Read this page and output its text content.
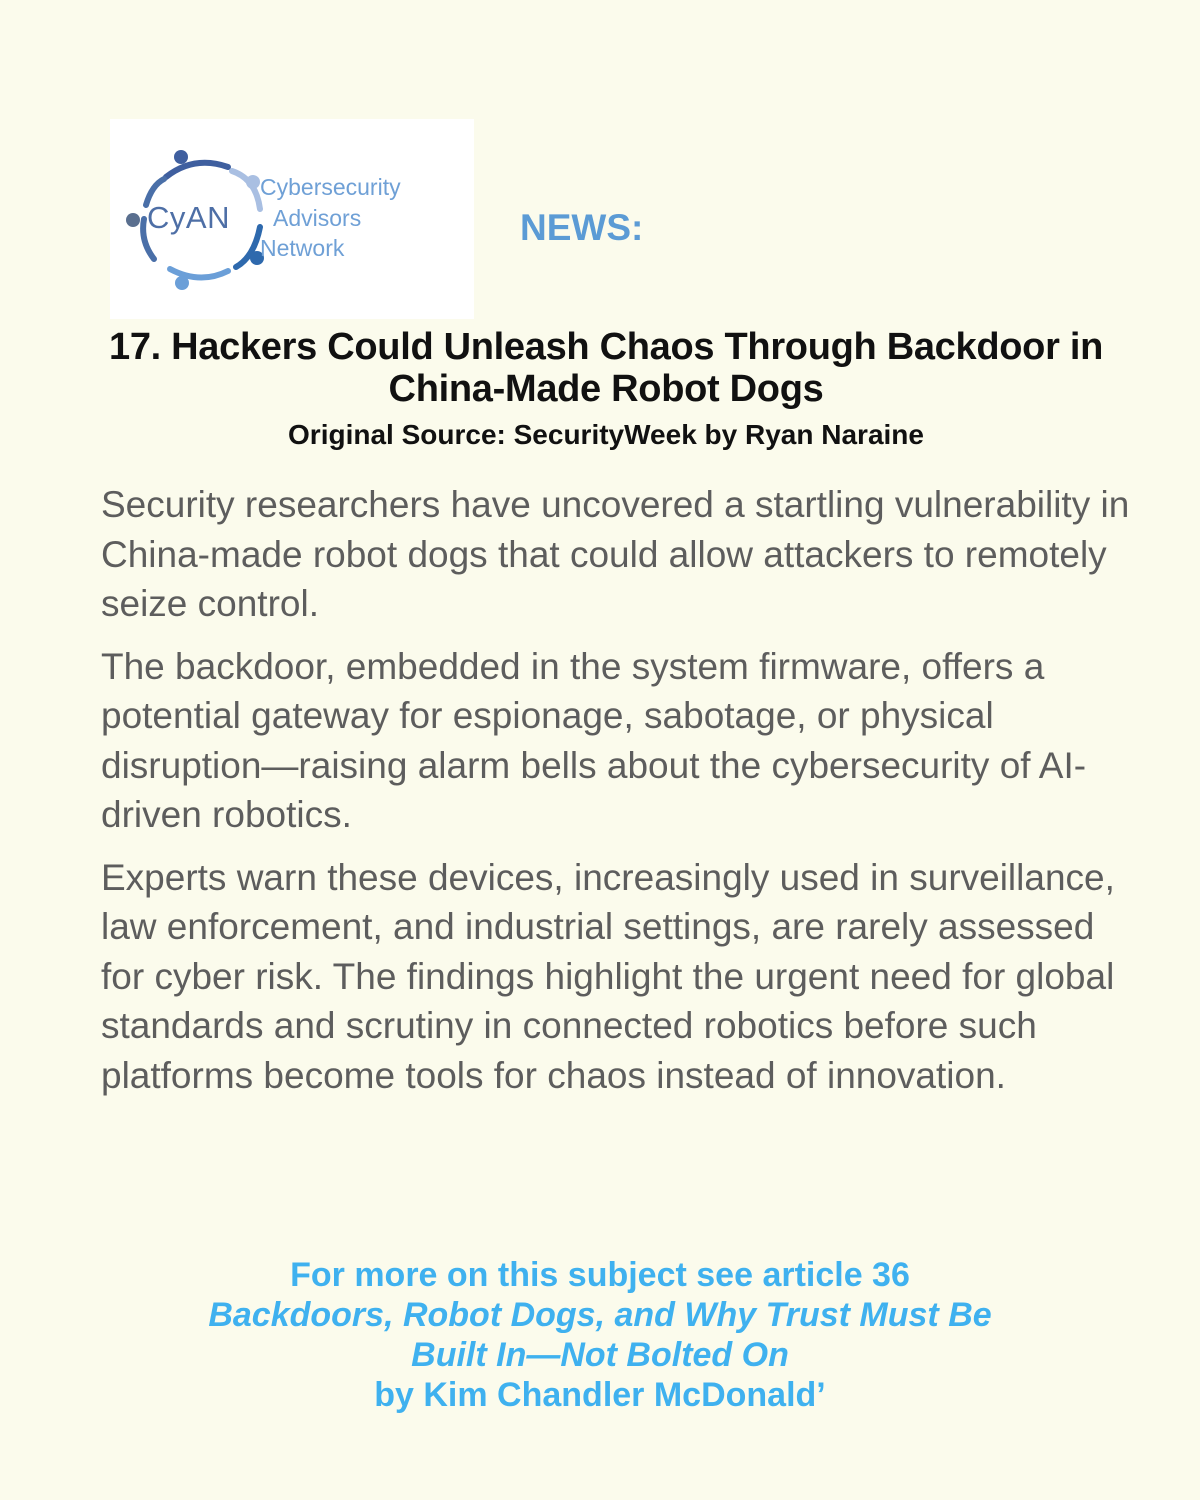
CyAN
Cybersecurity
Advisors
Network	NEWS:
17. Hackers Could Unleash Chaos Through Backdoor in China-Made Robot Dogs
Original Source: SecurityWeek by Ryan Naraine

Security researchers have uncovered a startling vulnerability in China-made robot dogs that could allow attackers to remotely seize control.

The backdoor, embedded in the system firmware, offers a potential gateway for espionage, sabotage, or physical disruption—raising alarm bells about the cybersecurity of AI-driven robotics.

Experts warn these devices, increasingly used in surveillance, law enforcement, and industrial settings, are rarely assessed for cyber risk. The findings highlight the urgent need for global standards and scrutiny in connected robotics before such platforms become tools for chaos instead of innovation.

For more on this subject see article 36
Backdoors, Robot Dogs, and Why Trust Must Be
Built In—Not Bolted On
by Kim Chandler McDonald’
